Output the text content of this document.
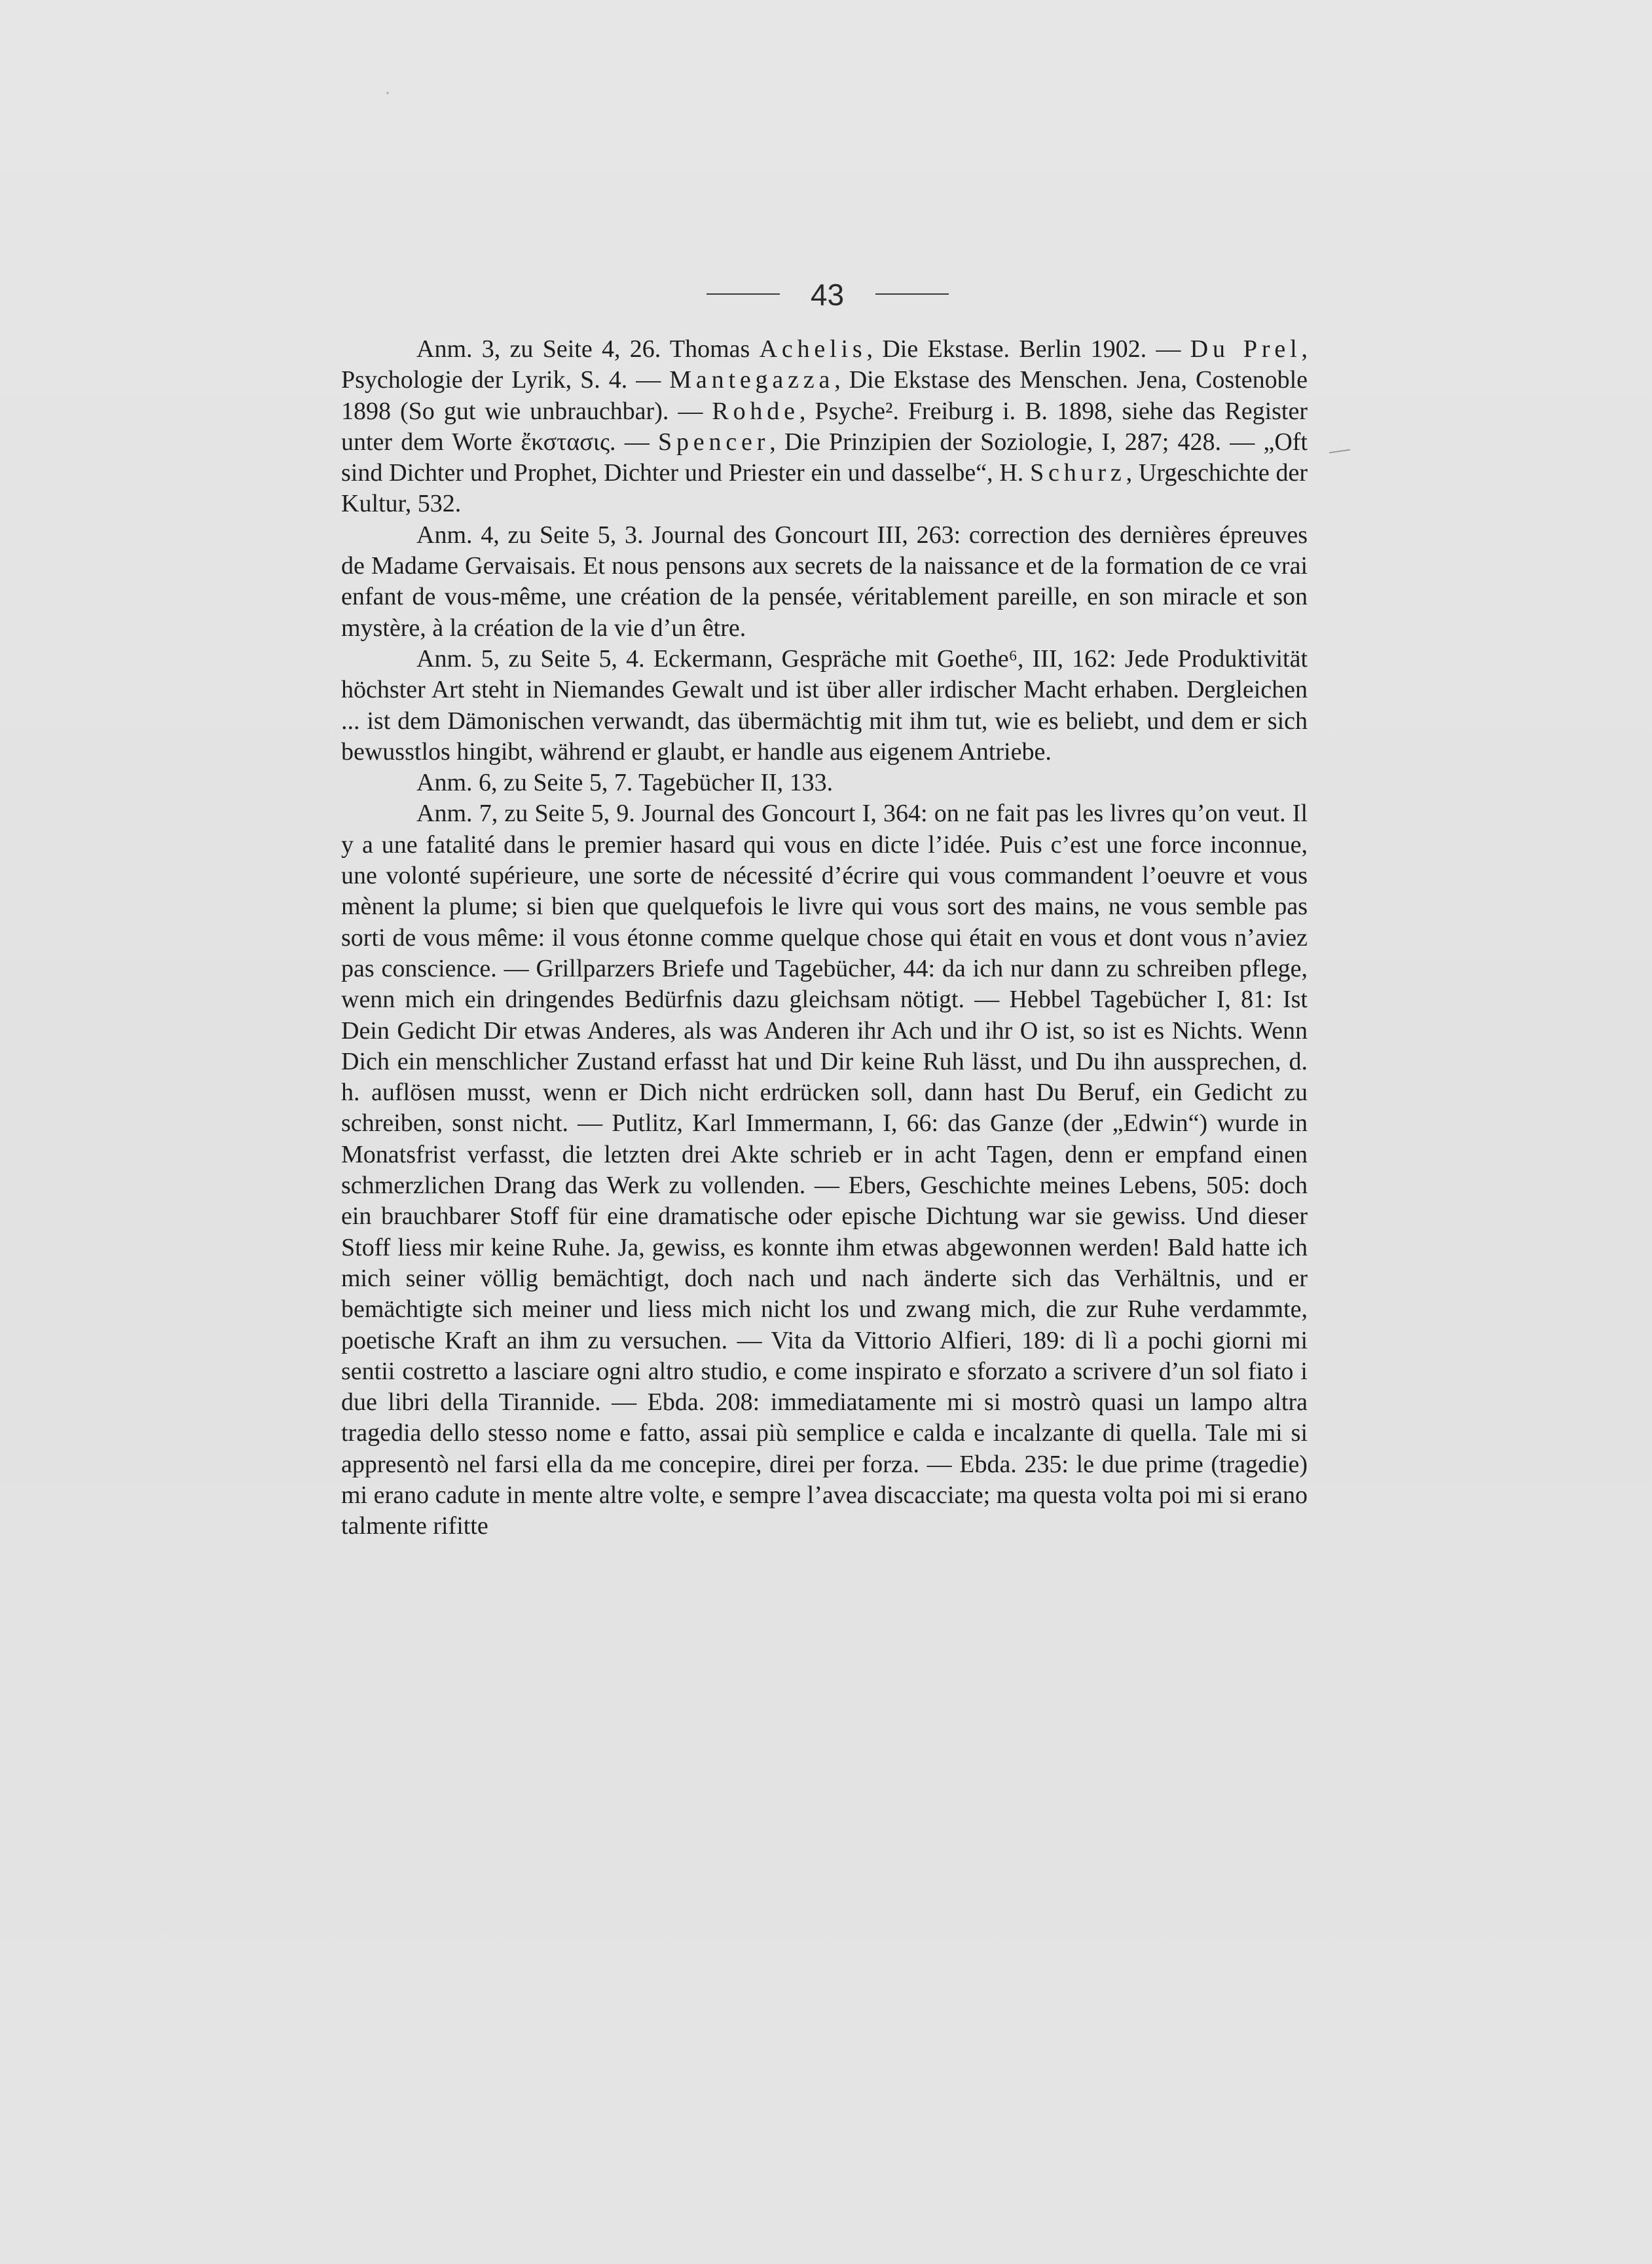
43

Anm. 3, zu Seite 4, 26. Thomas Achelis, Die Ekstase. Berlin 1902. — Du Prel, Psychologie der Lyrik, S. 4. — Mantegazza, Die Ekstase des Menschen. Jena, Costenoble 1898 (So gut wie unbrauchbar). — Rohde, Psyche². Freiburg i. B. 1898, siehe das Register unter dem Worte ἔκστασις. — Spencer, Die Prinzipien der Soziologie, I, 287; 428. — „Oft sind Dichter und Prophet, Dichter und Priester ein und dasselbe“, H. Schurz, Urgeschichte der Kultur, 532.

Anm. 4, zu Seite 5, 3. Journal des Goncourt III, 263: correction des dernières épreuves de Madame Gervaisais. Et nous pensons aux secrets de la naissance et de la formation de ce vrai enfant de vous-même, une création de la pensée, véritablement pareille, en son miracle et son mystère, à la création de la vie d’un être.

Anm. 5, zu Seite 5, 4. Eckermann, Gespräche mit Goethe⁶, III, 162: Jede Produktivität höchster Art steht in Niemandes Gewalt und ist über aller irdischer Macht erhaben. Dergleichen ... ist dem Dämonischen verwandt, das übermächtig mit ihm tut, wie es beliebt, und dem er sich bewusstlos hingibt, während er glaubt, er handle aus eigenem Antriebe.

Anm. 6, zu Seite 5, 7. Tagebücher II, 133.

Anm. 7, zu Seite 5, 9. Journal des Goncourt I, 364: on ne fait pas les livres qu’on veut. Il y a une fatalité dans le premier hasard qui vous en dicte l’idée. Puis c’est une force inconnue, une volonté supérieure, une sorte de nécessité d’écrire qui vous commandent l’oeuvre et vous mènent la plume; si bien que quelquefois le livre qui vous sort des mains, ne vous semble pas sorti de vous même: il vous étonne comme quelque chose qui était en vous et dont vous n’aviez pas conscience. — Grillparzers Briefe und Tagebücher, 44: da ich nur dann zu schreiben pflege, wenn mich ein dringendes Bedürfnis dazu gleichsam nötigt. — Hebbel Tagebücher I, 81: Ist Dein Gedicht Dir etwas Anderes, als was Anderen ihr Ach und ihr O ist, so ist es Nichts. Wenn Dich ein menschlicher Zustand erfasst hat und Dir keine Ruh lässt, und Du ihn aussprechen, d. h. auflösen musst, wenn er Dich nicht erdrücken soll, dann hast Du Beruf, ein Gedicht zu schreiben, sonst nicht. — Putlitz, Karl Immermann, I, 66: das Ganze (der „Edwin“) wurde in Monatsfrist verfasst, die letzten drei Akte schrieb er in acht Tagen, denn er empfand einen schmerzlichen Drang das Werk zu vollenden. — Ebers, Geschichte meines Lebens, 505: doch ein brauchbarer Stoff für eine dramatische oder epische Dichtung war sie gewiss. Und dieser Stoff liess mir keine Ruhe. Ja, gewiss, es konnte ihm etwas abgewonnen werden! Bald hatte ich mich seiner völlig bemächtigt, doch nach und nach änderte sich das Verhältnis, und er bemächtigte sich meiner und liess mich nicht los und zwang mich, die zur Ruhe verdammte, poetische Kraft an ihm zu versuchen. — Vita da Vittorio Alfieri, 189: di lì a pochi giorni mi sentii costretto a lasciare ogni altro studio, e come inspirato e sforzato a scrivere d’un sol fiato i due libri della Tirannide. — Ebda. 208: immediatamente mi si mostrò quasi un lampo altra tragedia dello stesso nome e fatto, assai più semplice e calda e incalzante di quella. Tale mi si appresentò nel farsi ella da me concepire, direi per forza. — Ebda. 235: le due prime (tragedie) mi erano cadute in mente altre volte, e sempre l’avea discacciate; ma questa volta poi mi si erano talmente rifitte
